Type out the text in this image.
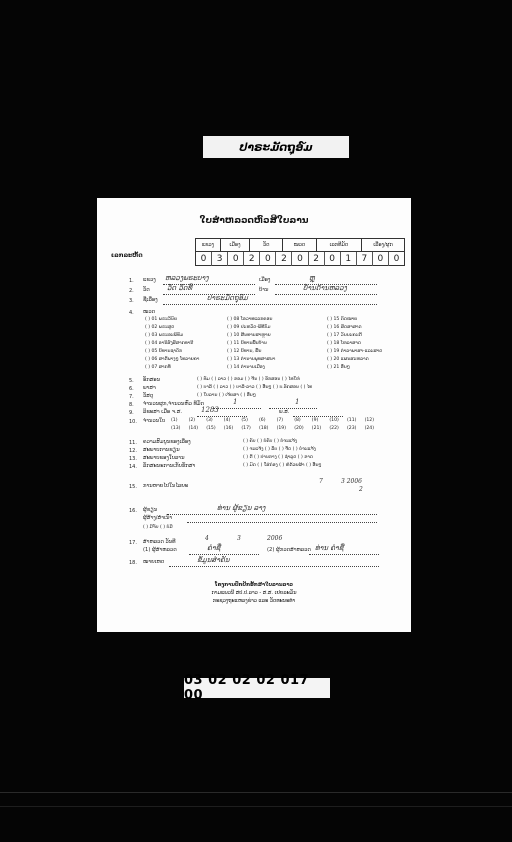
ປາຣະມັດຖຸອ໌ມ
ໃບສຳຫລວດຫົວສີໃບລານ
ເລກລະຫັດ
ແຂວງ	ເມືອງ	ວັດ	ໝວດ	ເລກທີມັດ	ເລື່ອງ/ຜູກ
0	3	0	2	0	2	0	2	0	1	7	0	0
1. ແຂວງ ຫລວງພຣະບາງ	ເມືອງ	ຫຼຸ
2. ວັດ ວັດ ວັດທີ່	ບ້ານ	ບ້ານດ້ານຫລວງ
3. ຊື່ເລື່ອງ	ປາຣະມັດຖຸອ໌ມ
4. ໝວດ
( ) 01 ພຣະວິນັຍ
( ) 02 ພຣະສູດ
( ) 03 ພຣະອະພິທັມ
( ) 04 ອານິສົງສ໌ສາກທານີ
( ) 05 ນິທານຊາດົກ
( ) 06 ສາດີພາງໆ ໂທລາຍຄາ
( ) 07 ສາກທີ
( ) 08 ໂອວາທແລກຄອນ
( ) 09 ປະຫວັດ-ພິທີກັມ
( ) 10 ສີນທານສາຫຼາຍ
( ) 11 ນິທານພື້ນບ້ານ
( ) 12 ນິທານ, ພື້ນ
( ) 13 ຕຳນານພຸທສາສນາ
( ) 14 ຕຳນານເມືອງ
( ) 15 ກົດໝາຍ
( ) 16 ສັດສາສາດ
( ) 17 ວັນນະຄະດີ
( ) 18 ໂຫລາສາດ
( ) 19 ຕຳລາພາສາ-ແລະສາດ
( ) 20 ແຜນສະຫລາດ
( ) 21 ອື່ນໆ
5. ອັກສອນ	( ) ທັມ ( ) ລາວ ( ) ຂອມ ( ) ຈີນ ( ) ອັກສອນ ( ) ໄທໃຫ່
6. ພາສາ	( ) ບາລີ ( ) ລາວ ( ) ບາລີ-ລາວ ( ) ອື່ນໆ ( ) ບ.ອັກສອນ ( ) ໄທ
7. ວັສດຸ	( ) ໃບລານ ( ) ເຈ້ຍສາ ( ) ອື່ນໆ
8. ຈຳນວນຜູກ,ຈຳນວນຫົວ ທີມັດ	1	1
9. ລິຂະສາ ເມື່ອ ຈ.ສ.	1283	ພ.ສ.
10. ຈຳນວນໃບ (1) (2) (3) (4) (5) (6) (7) (8) (9) (10) (11) (12)
(13) (14) (15) (16) (17) (18) (19) (20) (21) (22) (23) (24)
11. ຄວາມສົມບູນຂອງເລື່ອງ	( ) ຄົບ ( ) ບໍ່ຄົບ ( ) ບໍ່ຈະແຈ້ງ
12. ສະພາບການຂຽນ	( ) ຈະແຈ້ງ ( ) ລຶບ ( ) ຈືດ ( ) ບໍ່ຈະແຈ້ງ
13. ສະພາບຂອງໃບລານ	( ) ດີ ( ) ປານກາງ ( ) ຊຳລຸດ ( ) ຂາດ
14. ລັກສະນະການເກັບຮັກສາ	( ) ມັດ ( ) ໃສ່ກ່ອງ ( ) ຫໍ່ດ້ວຍຜ້າ ( ) ອື່ນໆ
15. ການຫາຍໄປໃນໄລຍະ
7	3 2006
2
16. ຜູ້ຂຽນ	ທ່ານ ຜູ້ຂຽນ ລາງ
ຜູ້ສ້າງ/ສຳເນົາ
( ) ມີຈົບ ( ) ບໍ່ມີ
17. ສຳຫລວດ ວັນທີ	4	3	2006
(1) ຜູ້ສຳຫລວດ	ຄໍາຊື່	(2) ຜູ້ກວດສຳຫລວດ ທ່ານ ຄໍາຊື່
18. ໝາຍເຫດ	ຂໍ້ມູນສຳຄັນ
ໂຄງການປົກປັກຮັກສາໃບລານລາວ
ກາມແພວນີ ສປ.ປ.ລາວ - ສ.ສ. ເຢຍລະມັນ
ກະຊວງຖະແຫລງຂ່າວ ແລະ ວັດທະນະທຳ
03 02 02 02 017 00
